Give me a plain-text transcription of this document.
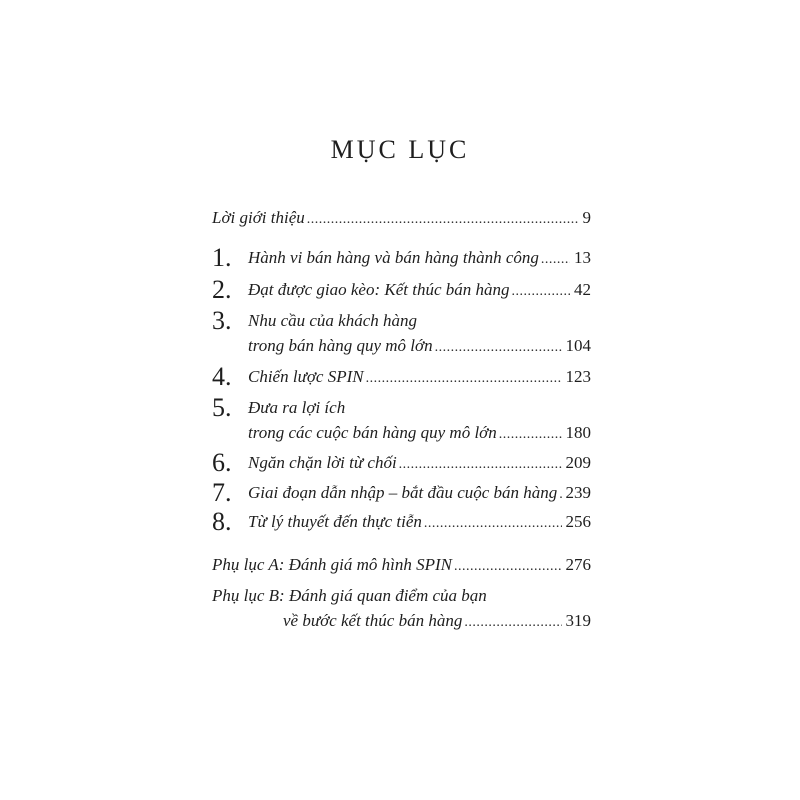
MỤC LỤC
Lời giới thiệu .....	9
1. Hành vi bán hàng và bán hàng thành công ..... 13
2. Đạt được giao kèo: Kết thúc bán hàng .....	42
3. Nhu cầu của khách hàng
trong bán hàng quy mô lớn .....	104
4. Chiến lược SPIN .....	123
5. Đưa ra lợi ích
trong các cuộc bán hàng quy mô lớn .....	180
6. Ngăn chặn lời từ chối .....	209
7. Giai đoạn dẫn nhập – bắt đầu cuộc bán hàng ..... 239
8. Từ lý thuyết đến thực tiễn .....	256
Phụ lục A: Đánh giá mô hình SPIN .....	276
Phụ lục B: Đánh giá quan điểm của bạn
về bước kết thúc bán hàng .....	319
